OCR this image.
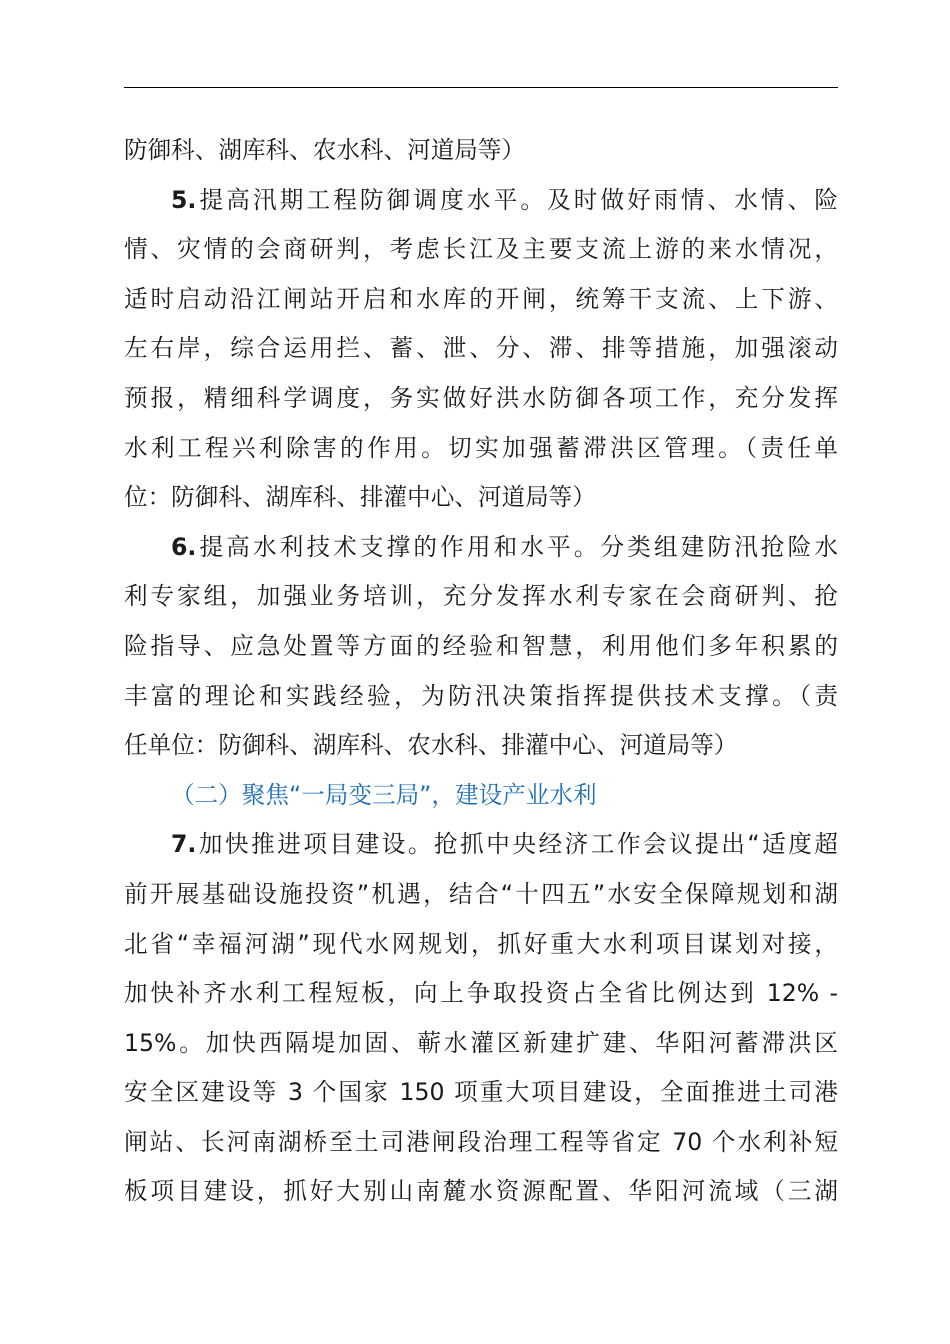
防御科、湖库科、农水科、河道局等）
5.提高汛期工程防御调度水平。及时做好雨情、水情、险
情、灾情的会商研判，考虑长江及主要支流上游的来水情况，
适时启动沿江闸站开启和水库的开闸，统筹干支流、上下游、
左右岸，综合运用拦、蓄、泄、分、滞、排等措施，加强滚动
预报，精细科学调度，务实做好洪水防御各项工作，充分发挥
水利工程兴利除害的作用。切实加强蓄滞洪区管理。（责任单
位：防御科、湖库科、排灌中心、河道局等）
6.提高水利技术支撑的作用和水平。分类组建防汛抢险水
利专家组，加强业务培训，充分发挥水利专家在会商研判、抢
险指导、应急处置等方面的经验和智慧，利用他们多年积累的
丰富的理论和实践经验，为防汛决策指挥提供技术支撑。（责
任单位：防御科、湖库科、农水科、排灌中心、河道局等）
（二）聚焦“一局变三局”，建设产业水利
7.加快推进项目建设。抢抓中央经济工作会议提出“适度超
前开展基础设施投资”机遇，结合“十四五”水安全保障规划和湖
北省“幸福河湖”现代水网规划，抓好重大水利项目谋划对接，
加快补齐水利工程短板，向上争取投资占全省比例达到 12% -
15%。加快西隔堤加固、蕲水灌区新建扩建、华阳河蓄滞洪区
安全区建设等 3 个国家 150 项重大项目建设，全面推进土司港
闸站、长河南湖桥至土司港闸段治理工程等省定 70 个水利补短
板项目建设，抓好大别山南麓水资源配置、华阳河流域（三湖
